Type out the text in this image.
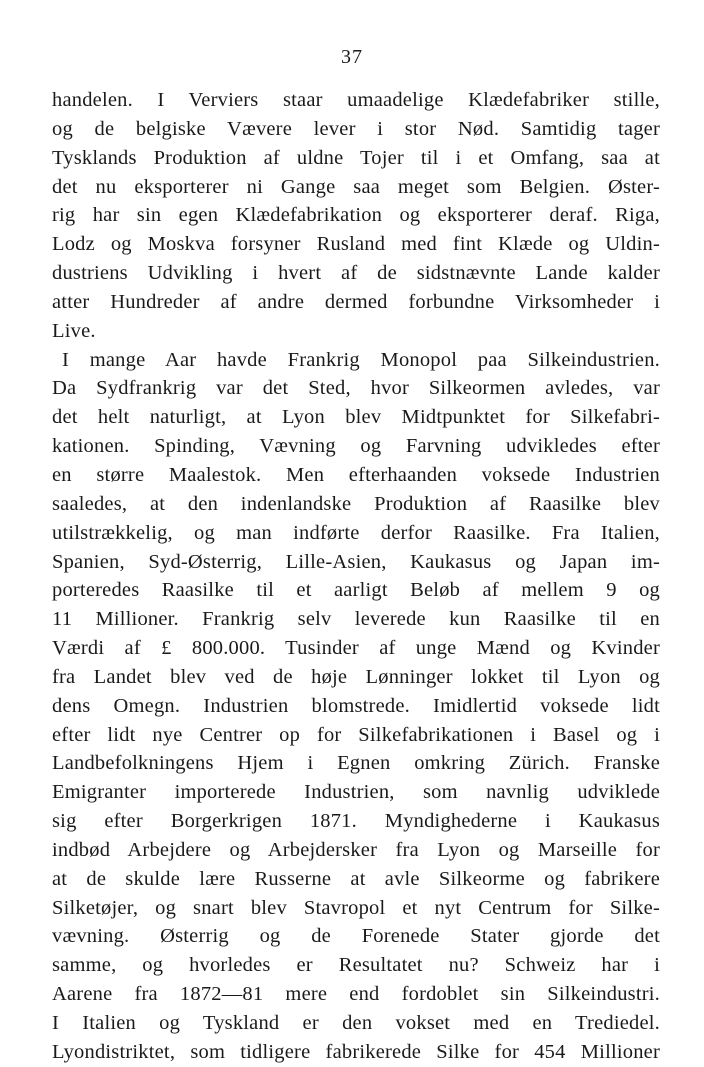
37
handelen. I Verviers staar umaadelige Klædefabriker stille,
og de belgiske Vævere lever i stor Nød. Samtidig tager
Tysklands Produktion af uldne Tojer til i et Omfang, saa at
det nu eksporterer ni Gange saa meget som Belgien. Øster-
rig har sin egen Klædefabrikation og eksporterer deraf. Riga,
Lodz og Moskva forsyner Rusland med fint Klæde og Uldin-
dustriens Udvikling i hvert af de sidstnævnte Lande kalder
atter Hundreder af andre dermed forbundne Virksomheder i
Live.
I mange Aar havde Frankrig Monopol paa Silkeindustrien.
Da Sydfrankrig var det Sted, hvor Silkeormen avledes, var
det helt naturligt, at Lyon blev Midtpunktet for Silkefabri-
kationen. Spinding, Vævning og Farvning udvikledes efter
en større Maalestok. Men efterhaanden voksede Industrien
saaledes, at den indenlandske Produktion af Raasilke blev
utilstrækkelig, og man indførte derfor Raasilke. Fra Italien,
Spanien, Syd-Østerrig, Lille-Asien, Kaukasus og Japan im-
porteredes Raasilke til et aarligt Beløb af mellem 9 og
11 Millioner. Frankrig selv leverede kun Raasilke til en
Værdi af £ 800.000. Tusinder af unge Mænd og Kvinder
fra Landet blev ved de høje Lønninger lokket til Lyon og
dens Omegn. Industrien blomstrede. Imidlertid voksede lidt
efter lidt nye Centrer op for Silkefabrikationen i Basel og i
Landbefolkningens Hjem i Egnen omkring Zürich. Franske
Emigranter importerede Industrien, som navnlig udviklede
sig efter Borgerkrigen 1871. Myndighederne i Kaukasus
indbød Arbejdere og Arbejdersker fra Lyon og Marseille for
at de skulde lære Russerne at avle Silkeorme og fabrikere
Silketøjer, og snart blev Stavropol et nyt Centrum for Silke-
vævning. Østerrig og de Forenede Stater gjorde det
samme, og hvorledes er Resultatet nu? Schweiz har i
Aarene fra 1872—81 mere end fordoblet sin Silkeindustri.
I Italien og Tyskland er den vokset med en Trediedel.
Lyondistriktet, som tidligere fabrikerede Silke for 454 Millioner
